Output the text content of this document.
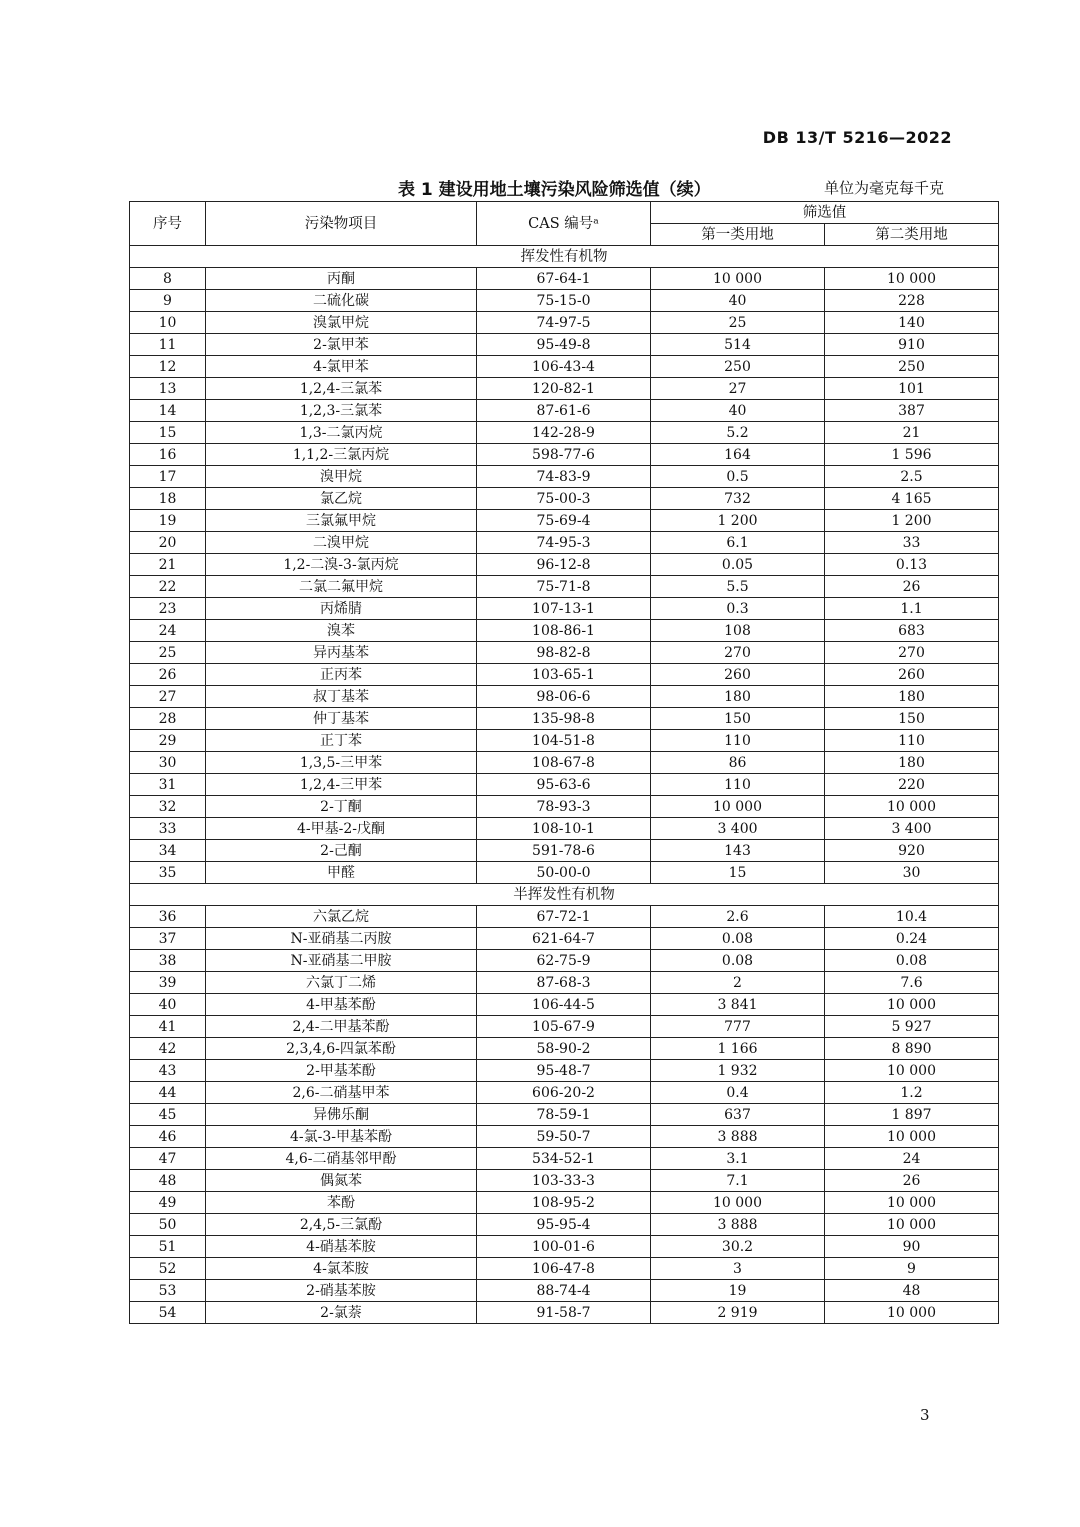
DB 13/T 5216—2022
表 1 建设用地土壤污染风险筛选值（续）	单位为毫克每千克
序号	污染物项目	CAS 编号ᵃ	筛选值	
			第一类用地	第二类用地
挥发性有机物				
8	丙酮	67-64-1	10 000	10 000
9	二硫化碳	75-15-0	40	228
10	溴氯甲烷	74-97-5	25	140
11	2-氯甲苯	95-49-8	514	910
12	4-氯甲苯	106-43-4	250	250
13	1,2,4-三氯苯	120-82-1	27	101
14	1,2,3-三氯苯	87-61-6	40	387
15	1,3-二氯丙烷	142-28-9	5.2	21
16	1,1,2-三氯丙烷	598-77-6	164	1 596
17	溴甲烷	74-83-9	0.5	2.5
18	氯乙烷	75-00-3	732	4 165
19	三氯氟甲烷	75-69-4	1 200	1 200
20	二溴甲烷	74-95-3	6.1	33
21	1,2-二溴-3-氯丙烷	96-12-8	0.05	0.13
22	二氯二氟甲烷	75-71-8	5.5	26
23	丙烯腈	107-13-1	0.3	1.1
24	溴苯	108-86-1	108	683
25	异丙基苯	98-82-8	270	270
26	正丙苯	103-65-1	260	260
27	叔丁基苯	98-06-6	180	180
28	仲丁基苯	135-98-8	150	150
29	正丁苯	104-51-8	110	110
30	1,3,5-三甲苯	108-67-8	86	180
31	1,2,4-三甲苯	95-63-6	110	220
32	2-丁酮	78-93-3	10 000	10 000
33	4-甲基-2-戊酮	108-10-1	3 400	3 400
34	2-己酮	591-78-6	143	920
35	甲醛	50-00-0	15	30
半挥发性有机物				
36	六氯乙烷	67-72-1	2.6	10.4
37	N-亚硝基二丙胺	621-64-7	0.08	0.24
38	N-亚硝基二甲胺	62-75-9	0.08	0.08
39	六氯丁二烯	87-68-3	2	7.6
40	4-甲基苯酚	106-44-5	3 841	10 000
41	2,4-二甲基苯酚	105-67-9	777	5 927
42	2,3,4,6-四氯苯酚	58-90-2	1 166	8 890
43	2-甲基苯酚	95-48-7	1 932	10 000
44	2,6-二硝基甲苯	606-20-2	0.4	1.2
45	异佛乐酮	78-59-1	637	1 897
46	4-氯-3-甲基苯酚	59-50-7	3 888	10 000
47	4,6-二硝基邻甲酚	534-52-1	3.1	24
48	偶氮苯	103-33-3	7.1	26
49	苯酚	108-95-2	10 000	10 000
50	2,4,5-三氯酚	95-95-4	3 888	10 000
51	4-硝基苯胺	100-01-6	30.2	90
52	4-氯苯胺	106-47-8	3	9
53	2-硝基苯胺	88-74-4	19	48
54	2-氯萘	91-58-7	2 919	10 000
3
